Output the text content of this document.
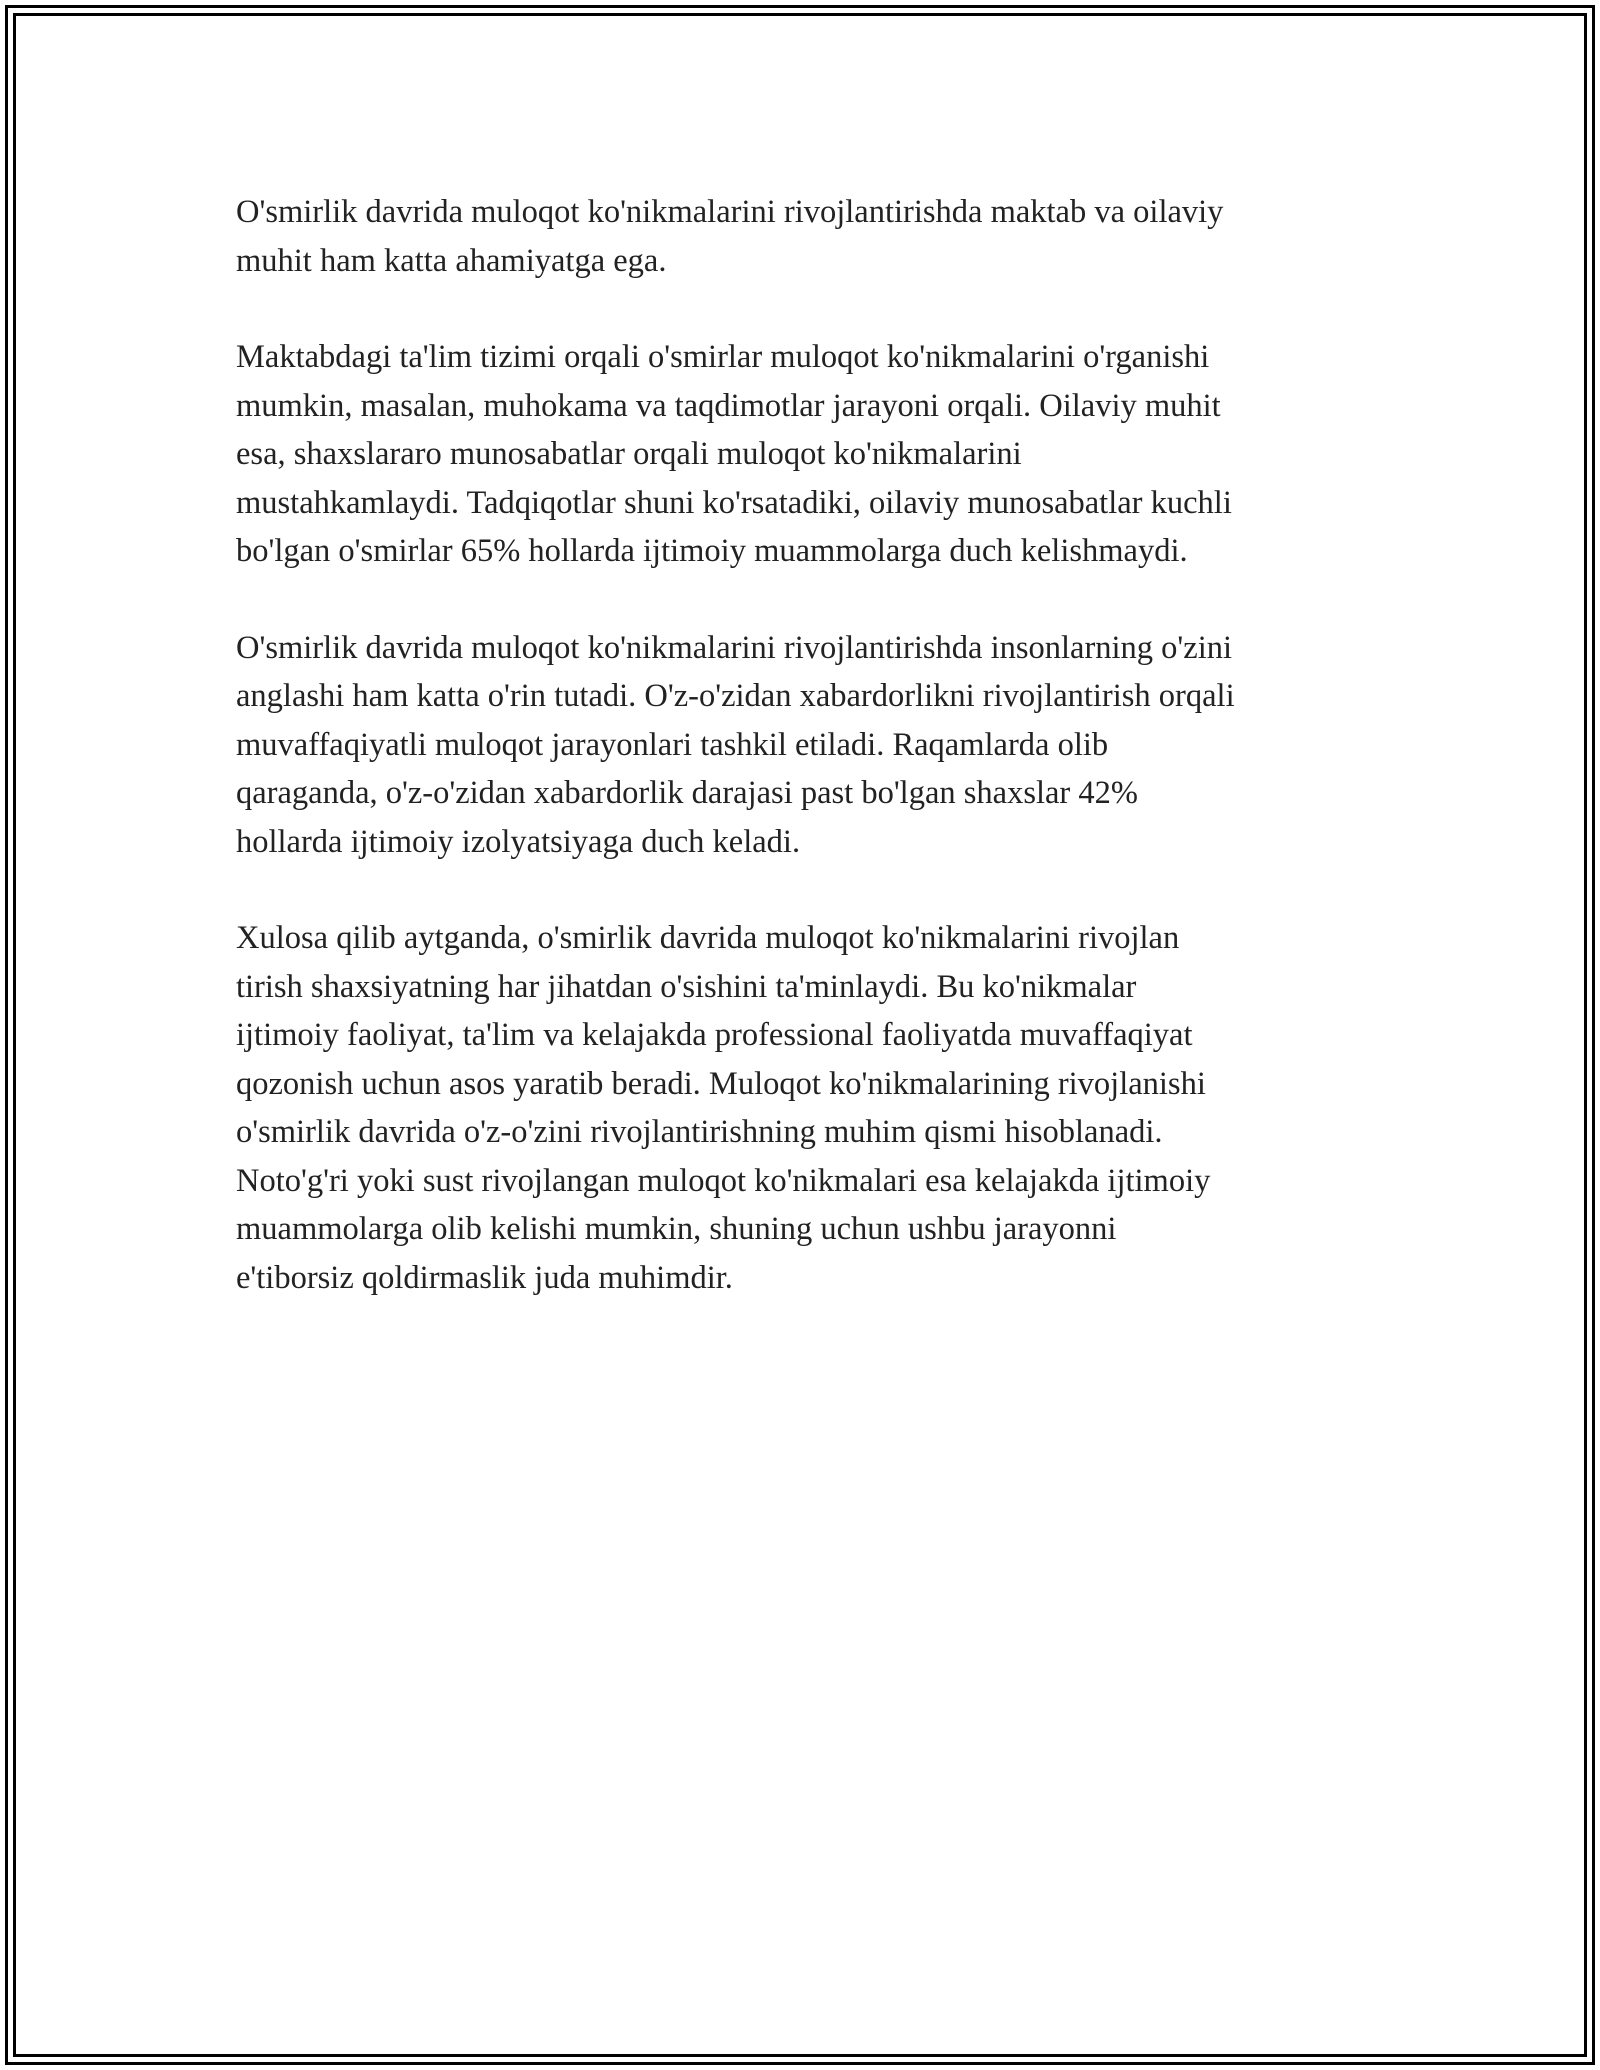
O'smirlik davrida muloqot ko'nikmalarini rivojlantirishda maktab va oilaviy
muhit ham katta ahamiyatga ega.

Maktabdagi ta'lim tizimi orqali o'smirlar muloqot ko'nikmalarini o'rganishi
mumkin, masalan, muhokama va taqdimotlar jarayoni orqali. Oilaviy muhit
esa, shaxslararo munosabatlar orqali muloqot ko'nikmalarini
mustahkamlaydi. Tadqiqotlar shuni ko'rsatadiki, oilaviy munosabatlar kuchli
bo'lgan o'smirlar 65% hollarda ijtimoiy muammolarga duch kelishmaydi.

O'smirlik davrida muloqot ko'nikmalarini rivojlantirishda insonlarning o'zini
anglashi ham katta o'rin tutadi. O'z-o'zidan xabardorlikni rivojlantirish orqali
muvaffaqiyatli muloqot jarayonlari tashkil etiladi. Raqamlarda olib
qaraganda, o'z-o'zidan xabardorlik darajasi past bo'lgan shaxslar 42%
hollarda ijtimoiy izolyatsiyaga duch keladi.

Xulosa qilib aytganda, o'smirlik davrida muloqot ko'nikmalarini rivojlan
tirish shaxsiyatning har jihatdan o'sishini ta'minlaydi. Bu ko'nikmalar
ijtimoiy faoliyat, ta'lim va kelajakda professional faoliyatda muvaffaqiyat
qozonish uchun asos yaratib beradi. Muloqot ko'nikmalarining rivojlanishi
o'smirlik davrida o'z-o'zini rivojlantirishning muhim qismi hisoblanadi.
Noto'g'ri yoki sust rivojlangan muloqot ko'nikmalari esa kelajakda ijtimoiy
muammolarga olib kelishi mumkin, shuning uchun ushbu jarayonni
e'tiborsiz qoldirmaslik juda muhimdir.
